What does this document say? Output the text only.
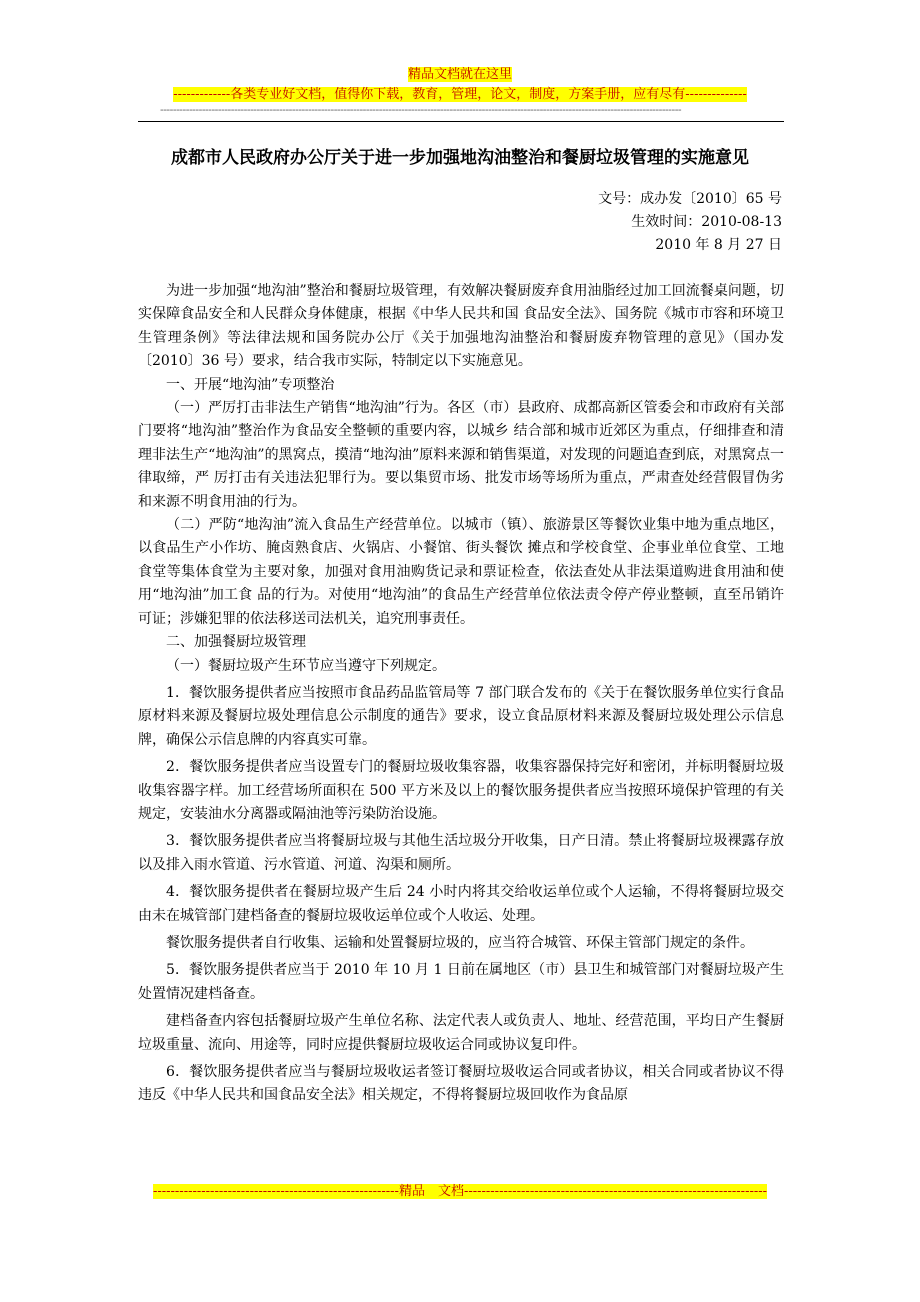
精品文档就在这里
-------------各类专业好文档，值得你下载，教育，管理，论文，制度，方案手册，应有尽有--------------
------------------------------------------------------------------------------------------------------------------------------------------------------------------
成都市人民政府办公厅关于进一步加强地沟油整治和餐厨垃圾管理的实施意见
文号：成办发〔2010〕65 号
生效时间：2010-08-13
2010 年 8 月 27 日

为进一步加强“地沟油”整治和餐厨垃圾管理，有效解决餐厨废弃食用油脂经过加工回流餐桌问题，切实保障食品安全和人民群众身体健康，根据《中华人民共和国 食品安全法》、国务院《城市市容和环境卫生管理条例》等法律法规和国务院办公厅《关于加强地沟油整治和餐厨废弃物管理的意见》（国办发〔2010〕36 号）要求，结合我市实际，特制定以下实施意见。

一、开展“地沟油”专项整治

（一）严厉打击非法生产销售“地沟油”行为。各区（市）县政府、成都高新区管委会和市政府有关部门要将“地沟油”整治作为食品安全整顿的重要内容，以城乡 结合部和城市近郊区为重点，仔细排查和清理非法生产“地沟油”的黑窝点，摸清“地沟油”原料来源和销售渠道，对发现的问题追查到底，对黑窝点一律取缔，严 厉打击有关违法犯罪行为。要以集贸市场、批发市场等场所为重点，严肃查处经营假冒伪劣和来源不明食用油的行为。

（二）严防“地沟油”流入食品生产经营单位。以城市（镇）、旅游景区等餐饮业集中地为重点地区，以食品生产小作坊、腌卤熟食店、火锅店、小餐馆、街头餐饮 摊点和学校食堂、企事业单位食堂、工地食堂等集体食堂为主要对象，加强对食用油购货记录和票证检查，依法查处从非法渠道购进食用油和使用“地沟油”加工食 品的行为。对使用“地沟油”的食品生产经营单位依法责令停产停业整顿，直至吊销许可证；涉嫌犯罪的依法移送司法机关，追究刑事责任。

二、加强餐厨垃圾管理

（一）餐厨垃圾产生环节应当遵守下列规定。

1．餐饮服务提供者应当按照市食品药品监管局等 7 部门联合发布的《关于在餐饮服务单位实行食品原材料来源及餐厨垃圾处理信息公示制度的通告》要求，设立食品原材料来源及餐厨垃圾处理公示信息牌，确保公示信息牌的内容真实可靠。

2．餐饮服务提供者应当设置专门的餐厨垃圾收集容器，收集容器保持完好和密闭，并标明餐厨垃圾收集容器字样。加工经营场所面积在 500 平方米及以上的餐饮服务提供者应当按照环境保护管理的有关规定，安装油水分离器或隔油池等污染防治设施。

3．餐饮服务提供者应当将餐厨垃圾与其他生活垃圾分开收集，日产日清。禁止将餐厨垃圾裸露存放以及排入雨水管道、污水管道、河道、沟渠和厕所。

4．餐饮服务提供者在餐厨垃圾产生后 24 小时内将其交给收运单位或个人运输，不得将餐厨垃圾交由未在城管部门建档备查的餐厨垃圾收运单位或个人收运、处理。

餐饮服务提供者自行收集、运输和处置餐厨垃圾的，应当符合城管、环保主管部门规定的条件。

5．餐饮服务提供者应当于 2010 年 10 月 1 日前在属地区（市）县卫生和城管部门对餐厨垃圾产生处置情况建档备查。

建档备查内容包括餐厨垃圾产生单位名称、法定代表人或负责人、地址、经营范围，平均日产生餐厨垃圾重量、流向、用途等，同时应提供餐厨垃圾收运合同或协议复印件。

6．餐饮服务提供者应当与餐厨垃圾收运者签订餐厨垃圾收运合同或者协议，相关合同或者协议不得违反《中华人民共和国食品安全法》相关规定，不得将餐厨垃圾回收作为食品原

--------------------------------------------------------精品　文档---------------------------------------------------------------------
